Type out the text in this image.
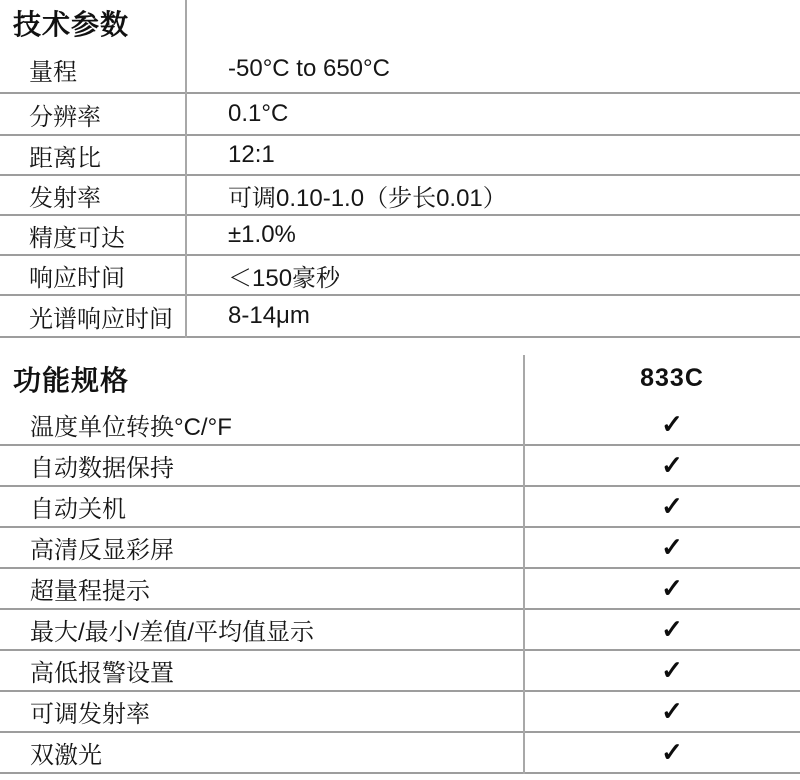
技术参数
量程	-50°C to 650°C
分辨率	0.1°C
距离比	12:1
发射率	可调0.10-1.0（步长0.01）
精度可达	±1.0%
响应时间	＜150豪秒
光谱响应时间	8-14μm
功能规格	833C
温度单位转换°C/°F	✓
自动数据保持	✓
自动关机	✓
高清反显彩屏	✓
超量程提示	✓
最大/最小/差值/平均值显示	✓
高低报警设置	✓
可调发射率	✓
双激光	✓
